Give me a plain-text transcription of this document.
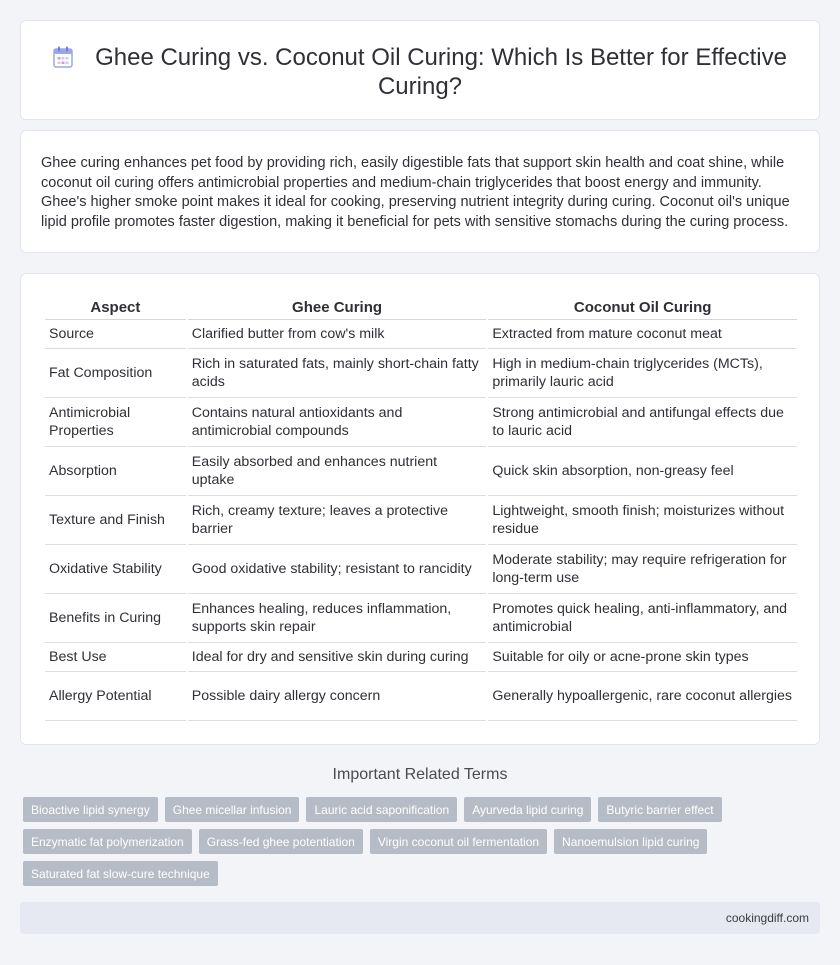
Ghee Curing vs. Coconut Oil Curing: Which Is Better for Effective Curing?
Ghee curing enhances pet food by providing rich, easily digestible fats that support skin health and coat shine, while coconut oil curing offers antimicrobial properties and medium-chain triglycerides that boost energy and immunity. Ghee's higher smoke point makes it ideal for cooking, preserving nutrient integrity during curing. Coconut oil's unique lipid profile promotes faster digestion, making it beneficial for pets with sensitive stomachs during the curing process.
Aspect	Ghee Curing	Coconut Oil Curing
Source	Clarified butter from cow's milk	Extracted from mature coconut meat
Fat Composition	Rich in saturated fats, mainly short-chain fatty acids	High in medium-chain triglycerides (MCTs), primarily lauric acid
Antimicrobial Properties	Contains natural antioxidants and antimicrobial compounds	Strong antimicrobial and antifungal effects due to lauric acid
Absorption	Easily absorbed and enhances nutrient uptake	Quick skin absorption, non-greasy feel
Texture and Finish	Rich, creamy texture; leaves a protective barrier	Lightweight, smooth finish; moisturizes without residue
Oxidative Stability	Good oxidative stability; resistant to rancidity	Moderate stability; may require refrigeration for long-term use
Benefits in Curing	Enhances healing, reduces inflammation, supports skin repair	Promotes quick healing, anti-inflammatory, and antimicrobial
Best Use	Ideal for dry and sensitive skin during curing	Suitable for oily or acne-prone skin types
Allergy Potential	Possible dairy allergy concern	Generally hypoallergenic, rare coconut allergies
Important Related Terms
Bioactive lipid synergy	Ghee micellar infusion	Lauric acid saponification	Ayurveda lipid curing	Butyric barrier effect
Enzymatic fat polymerization	Grass-fed ghee potentiation	Virgin coconut oil fermentation	Nanoemulsion lipid curing
Saturated fat slow-cure technique
cookingdiff.com
